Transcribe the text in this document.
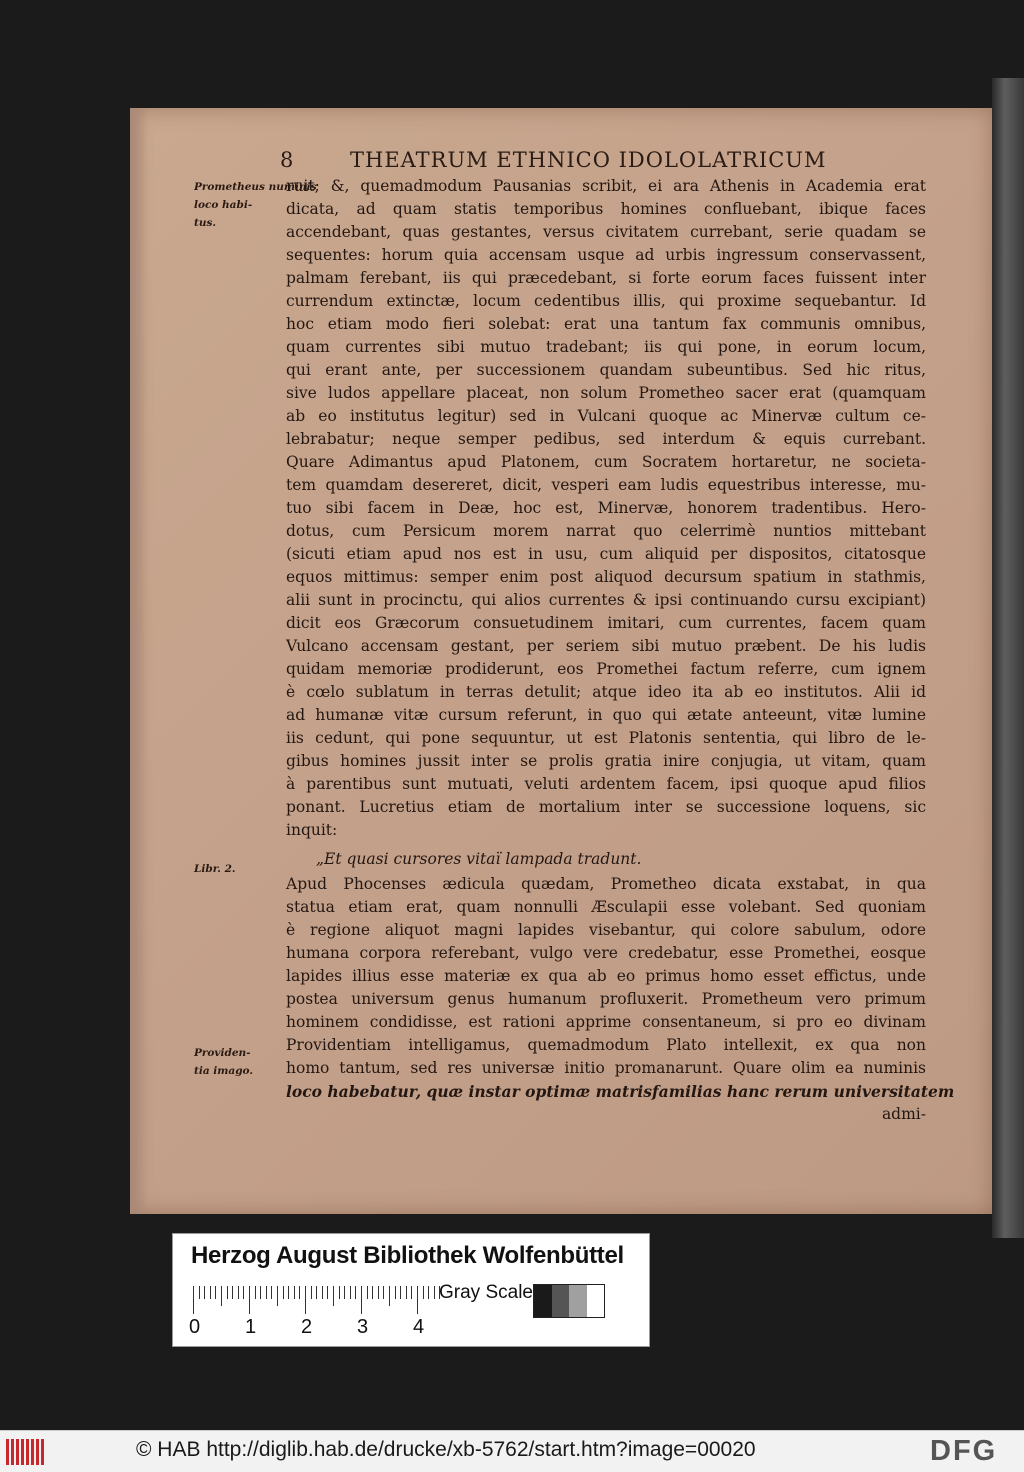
8	THEATRUM ETHNICO IDOLOLATRICUM
Prometheus numinis
loco habi-
tus.
Libr. 2.
Providen-
tia imago.
ruit; &, quemadmodum Pausanias scribit, ei ara Athenis in Academia erat
dicata, ad quam statis temporibus homines confluebant, ibique faces
accendebant, quas gestantes, versus civitatem currebant, serie quadam se
sequentes: horum quia accensam usque ad urbis ingressum conservassent,
palmam ferebant, iis qui præcedebant, si forte eorum faces fuissent inter
currendum extinctæ, locum cedentibus illis, qui proxime sequebantur. Id
hoc etiam modo fieri solebat: erat una tantum fax communis omnibus,
quam currentes sibi mutuo tradebant; iis qui pone, in eorum locum,
qui erant ante, per successionem quandam subeuntibus. Sed hic ritus,
sive ludos appellare placeat, non solum Prometheo sacer erat (quamquam
ab eo institutus legitur) sed in Vulcani quoque ac Minervæ cultum ce-
lebrabatur; neque semper pedibus, sed interdum & equis currebant.
Quare Adimantus apud Platonem, cum Socratem hortaretur, ne societa-
tem quamdam desereret, dicit, vesperi eam ludis equestribus interesse, mu-
tuo sibi facem in Deæ, hoc est, Minervæ, honorem tradentibus. Hero-
dotus, cum Persicum morem narrat quo celerrimè nuntios mittebant
(sicuti etiam apud nos est in usu, cum aliquid per dispositos, citatosque
equos mittimus: semper enim post aliquod decursum spatium in stathmis,
alii sunt in procinctu, qui alios currentes & ipsi continuando cursu excipiant)
dicit eos Græcorum consuetudinem imitari, cum currentes, facem quam
Vulcano accensam gestant, per seriem sibi mutuo præbent. De his ludis
quidam memoriæ prodiderunt, eos Promethei factum referre, cum ignem
è cœlo sublatum in terras detulit; atque ideo ita ab eo institutos. Alii id
ad humanæ vitæ cursum referunt, in quo qui ætate anteeunt, vitæ lumine
iis cedunt, qui pone sequuntur, ut est Platonis sententia, qui libro de le-
gibus homines jussit inter se prolis gratia inire conjugia, ut vitam, quam
à parentibus sunt mutuati, veluti ardentem facem, ipsi quoque apud filios
ponant. Lucretius etiam de mortalium inter se successione loquens, sic
inquit:
„Et quasi cursores vitaï lampada tradunt.
Apud Phocenses ædicula quædam, Prometheo dicata exstabat, in qua
statua etiam erat, quam nonnulli Æsculapii esse volebant. Sed quoniam
è regione aliquot magni lapides visebantur, qui colore sabulum, odore
humana corpora referebant, vulgo vere credebatur, esse Promethei, eosque
lapides illius esse materiæ ex qua ab eo primus homo esset effictus, unde
postea universum genus humanum profluxerit. Prometheum vero primum
hominem condidisse, est rationi apprime consentaneum, si pro eo divinam
Providentiam intelligamus, quemadmodum Plato intellexit, ex qua non
homo tantum, sed res universæ initio promanarunt. Quare olim ea numinis
loco habebatur, quæ instar optimæ matrisfamilias hanc rerum universitatem
admi-
Herzog August Bibliothek Wolfenbüttel
0 1 2 3 4
Gray Scale
© HAB http://diglib.hab.de/drucke/xb-5762/start.htm?image=00020	DFG
